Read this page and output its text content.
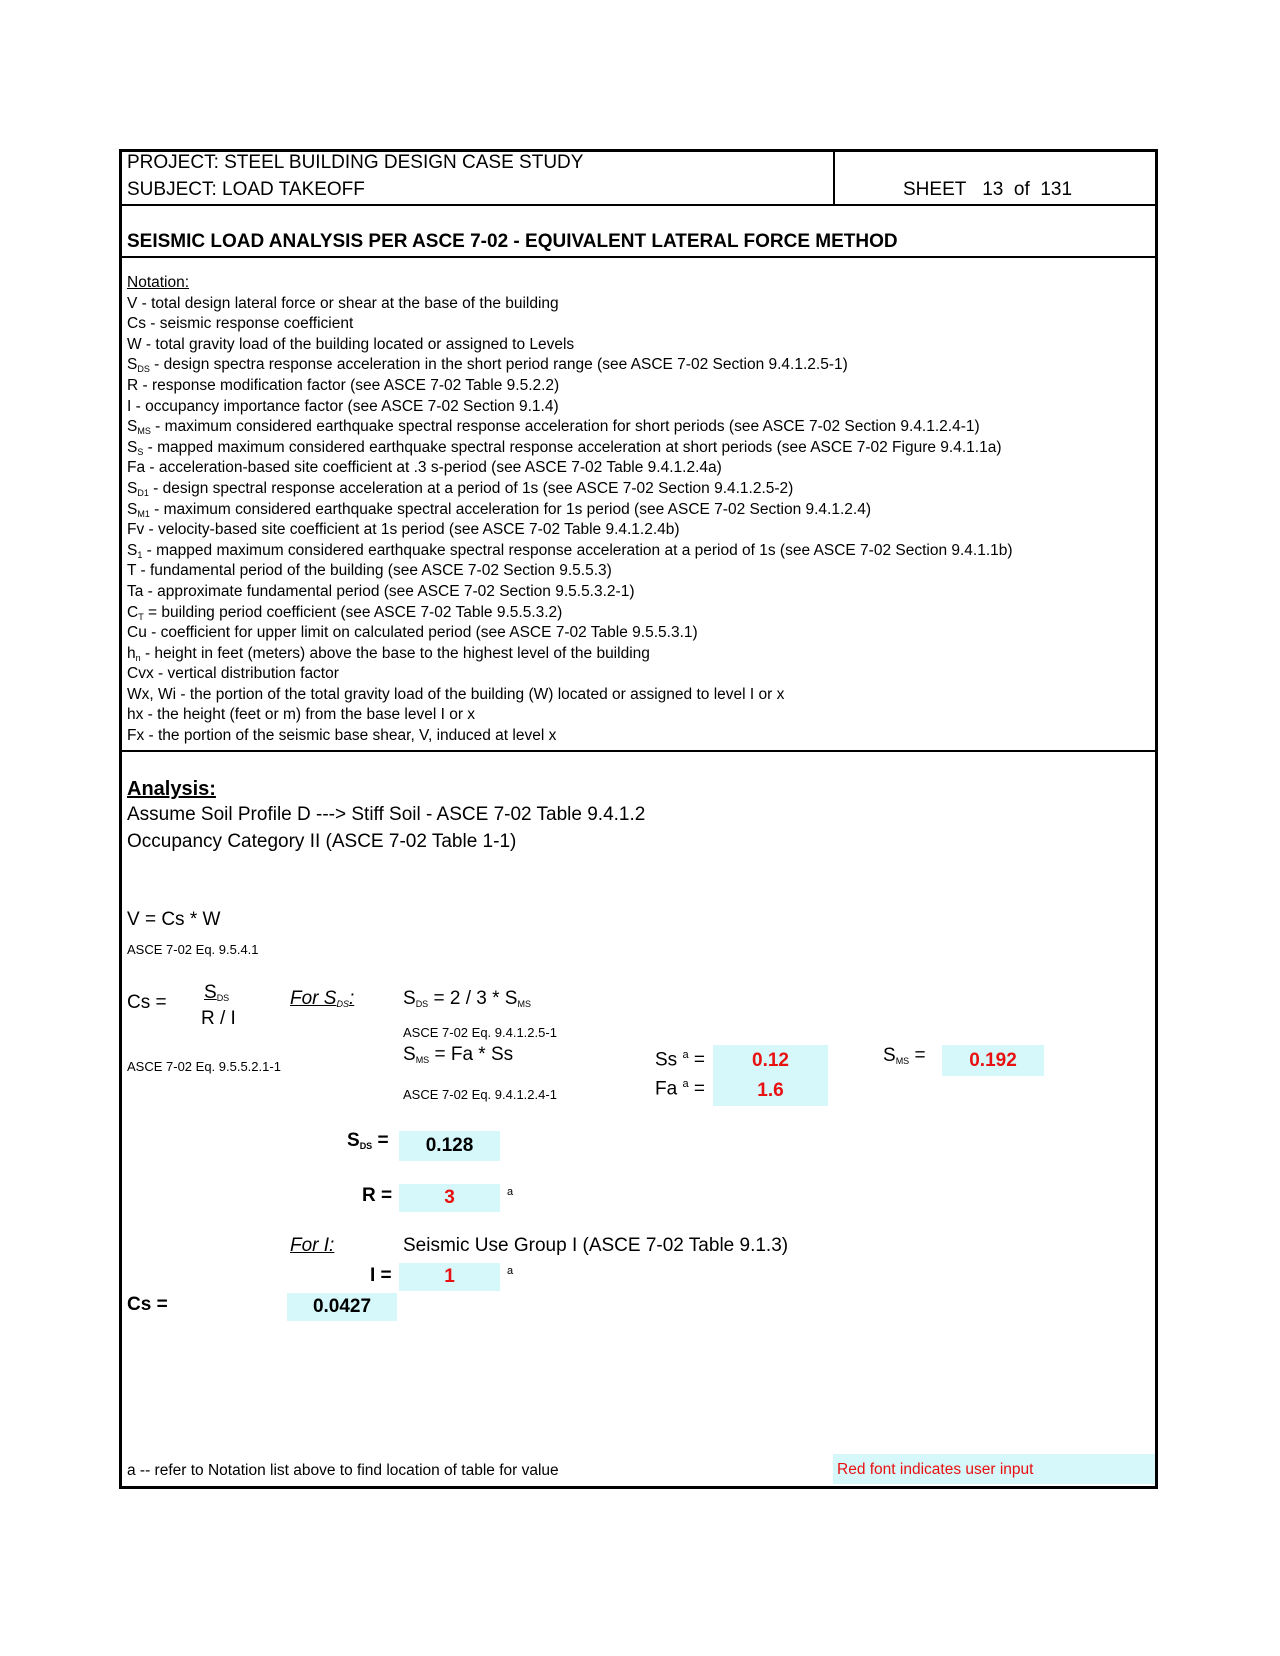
PROJECT: STEEL BUILDING DESIGN CASE STUDY
SUBJECT: LOAD TAKEOFF	SHEET 13 of 131
SEISMIC LOAD ANALYSIS PER ASCE 7-02 - EQUIVALENT LATERAL FORCE METHOD
Notation:
V - total design lateral force or shear at the base of the building
Cs - seismic response coefficient
W - total gravity load of the building located or assigned to Levels
$S_{DS}$ - design spectra response acceleration in the short period range (see ASCE 7-02 Section 9.4.1.2.5-1)
R - response modification factor (see ASCE 7-02 Table 9.5.2.2)
I - occupancy importance factor (see ASCE 7-02 Section 9.1.4)
$S_{MS}$ - maximum considered earthquake spectral response acceleration for short periods (see ASCE 7-02 Section 9.4.1.2.4-1)
$S_S$ - mapped maximum considered earthquake spectral response acceleration at short periods (see ASCE 7-02 Figure 9.4.1.1a)
Fa - acceleration-based site coefficient at .3 s-period (see ASCE 7-02 Table 9.4.1.2.4a)
$S_{D1}$ - design spectral response acceleration at a period of 1s (see ASCE 7-02 Section 9.4.1.2.5-2)
$S_{M1}$ - maximum considered earthquake spectral acceleration for 1s period (see ASCE 7-02 Section 9.4.1.2.4)
Fv - velocity-based site coefficient at 1s period (see ASCE 7-02 Table 9.4.1.2.4b)
$S_1$ - mapped maximum considered earthquake spectral response acceleration at a period of 1s (see ASCE 7-02 Section 9.4.1.1b)
T - fundamental period of the building (see ASCE 7-02 Section 9.5.5.3)
Ta - approximate fundamental period (see ASCE 7-02 Section 9.5.5.3.2-1)
$C_T$ = building period coefficient (see ASCE 7-02 Table 9.5.5.3.2)
Cu - coefficient for upper limit on calculated period (see ASCE 7-02 Table 9.5.5.3.1)
$h_n$ - height in feet (meters) above the base to the highest level of the building
Cvx - vertical distribution factor
Wx, Wi - the portion of the total gravity load of the building (W) located or assigned to level I or x
hx - the height (feet or m) from the base level I or x
Fx - the portion of the seismic base shear, V, induced at level x
Analysis:
Assume Soil Profile D ---> Stiff Soil - ASCE 7-02 Table 9.4.1.2
Occupancy Category II (ASCE 7-02 Table 1-1)
V = Cs * W
ASCE 7-02 Eq. 9.5.4.1
$Cs = S_{DS}$
R / I
ASCE 7-02 Eq. 9.5.5.2.1-1
For $S_{DS}$:	$S_{DS} = 2 / 3 * S_{MS}$
ASCE 7-02 Eq. 9.4.1.2.5-1
$S_{MS} = Fa * Ss$
ASCE 7-02 Eq. 9.4.1.2.4-1
Ss $^a$ =	0.12
Fa $^a$ =	1.6
$S_{MS}$ =	0.192
$S_{DS}$ =	0.128
R =	3	a
For I:	Seismic Use Group I (ASCE 7-02 Table 9.1.3)
I =	1	a
Cs =	0.0427
a -- refer to Notation list above to find location of table for value	Red font indicates user input
